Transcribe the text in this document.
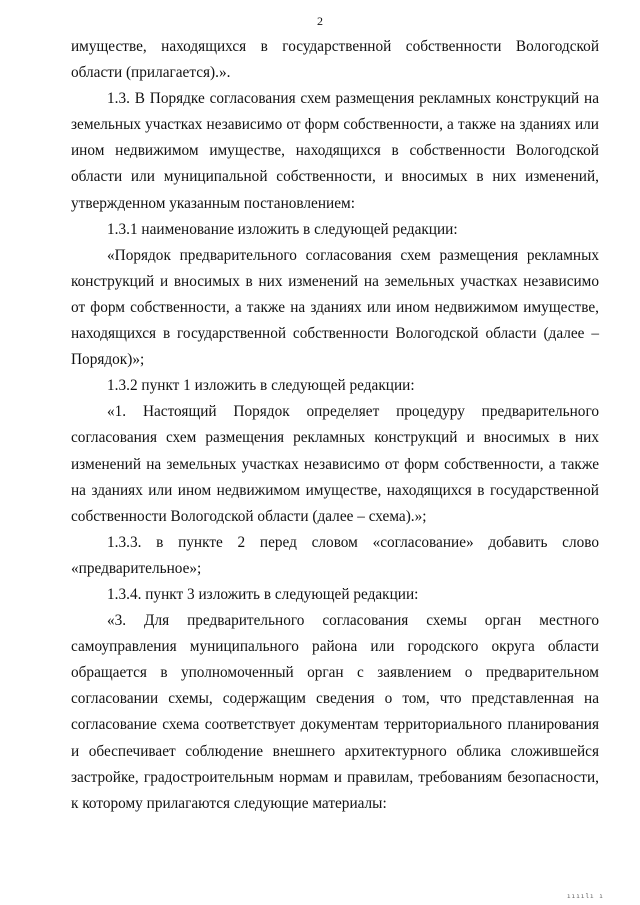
2

имуществе, находящихся в государственной собственности Вологодской области (прилагается).».

1.3. В Порядке согласования схем размещения рекламных конструкций на земельных участках независимо от форм собственности, а также на зданиях или ином недвижимом имуществе, находящихся в собственности Вологодской области или муниципальной собственности, и вносимых в них изменений, утвержденном указанным постановлением:

1.3.1 наименование изложить в следующей редакции:

«Порядок предварительного согласования схем размещения рекламных конструкций и вносимых в них изменений на земельных участках независимо от форм собственности, а также на зданиях или ином недвижимом имуществе, находящихся в государственной собственности Вологодской области (далее – Порядок)»;

1.3.2 пункт 1 изложить в следующей редакции:

«1. Настоящий Порядок определяет процедуру предварительного согласования схем размещения рекламных конструкций и вносимых в них изменений на земельных участках независимо от форм собственности, а также на зданиях или ином недвижимом имуществе, находящихся в государственной собственности Вологодской области (далее – схема).»;

1.3.3. в пункте 2 перед словом «согласование» добавить слово «предварительное»;

1.3.4. пункт 3 изложить в следующей редакции:

«3. Для предварительного согласования схемы орган местного самоуправления муниципального района или городского округа области обращается в уполномоченный орган с заявлением о предварительном согласовании схемы, содержащим сведения о том, что представленная на согласование схема соответствует документам территориального планирования и обеспечивает соблюдение внешнего архитектурного облика сложившейся застройке, градостроительным нормам и правилам, требованиям безопасности, к которому прилагаются следующие материалы:

ıııılı ı
